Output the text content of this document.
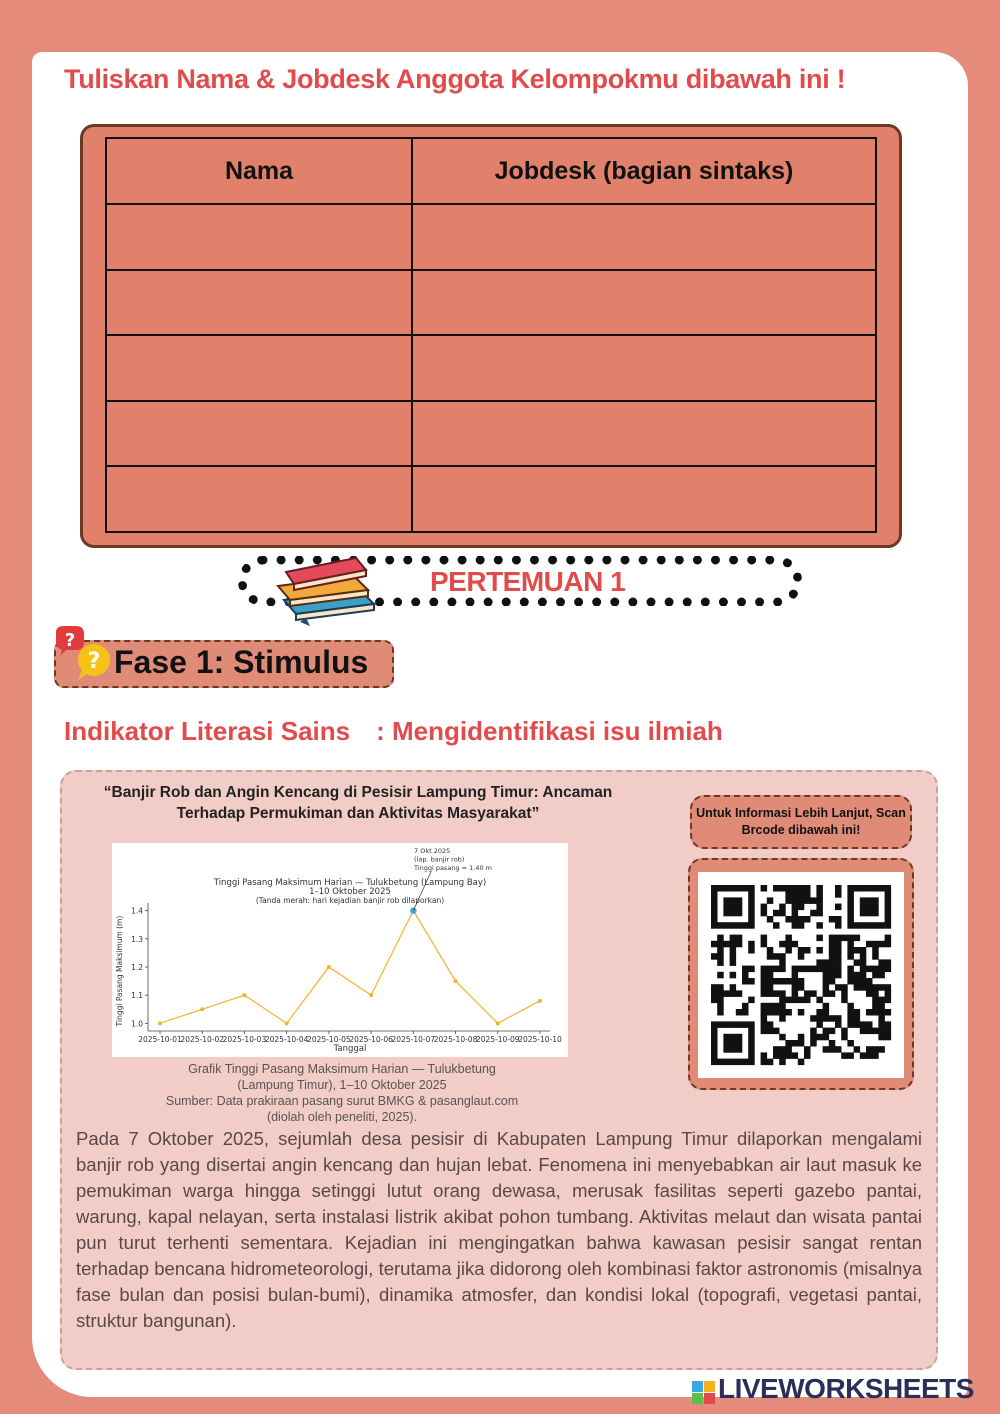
Tuliskan Nama & Jobdesk Anggota Kelompokmu dibawah ini !
Nama	Jobdesk (bagian sintaks)

PERTEMUAN 1
?
? Fase 1: Stimulus
Indikator Literasi Sains : Mengidentifikasi isu ilmiah
“Banjir Rob dan Angin Kencang di Pesisir Lampung Timur: Ancaman Terhadap Permukiman dan Aktivitas Masyarakat”
Tinggi Pasang Maksimum Harian — Tulukbetung (Lampung Bay)
1–10 Oktober 2025
(Tanda merah: hari kejadian banjir rob dilaporkan)
Tinggi Pasang Maksimum (m)
Tanggal
1.0
1.1
1.2
1.3
1.4
2025-10-01
2025-10-02
2025-10-03
2025-10-04
2025-10-05
2025-10-06
2025-10-07
2025-10-08
2025-10-09
2025-10-10
7 Okt 2025
(lap. banjir rob)
Tinggi pasang = 1.40 m
Grafik Tinggi Pasang Maksimum Harian — Tulukbetung
(Lampung Timur), 1–10 Oktober 2025
Sumber: Data prakiraan pasang surut BMKG & pasanglaut.com
(diolah oleh peneliti, 2025).
Untuk Informasi Lebih Lanjut, Scan Brcode dibawah ini!

Pada 7 Oktober 2025, sejumlah desa pesisir di Kabupaten Lampung Timur dilaporkan mengalami banjir rob yang disertai angin kencang dan hujan lebat. Fenomena ini menyebabkan air laut masuk ke pemukiman warga hingga setinggi lutut orang dewasa, merusak fasilitas seperti gazebo pantai, warung, kapal nelayan, serta instalasi listrik akibat pohon tumbang. Aktivitas melaut dan wisata pantai pun turut terhenti sementara. Kejadian ini mengingatkan bahwa kawasan pesisir sangat rentan terhadap bencana hidrometeorologi, terutama jika didorong oleh kombinasi faktor astronomis (misalnya fase bulan dan posisi bulan-bumi), dinamika atmosfer, dan kondisi lokal (topografi, vegetasi pantai, struktur bangunan).

LIVEWORKSHEETS
